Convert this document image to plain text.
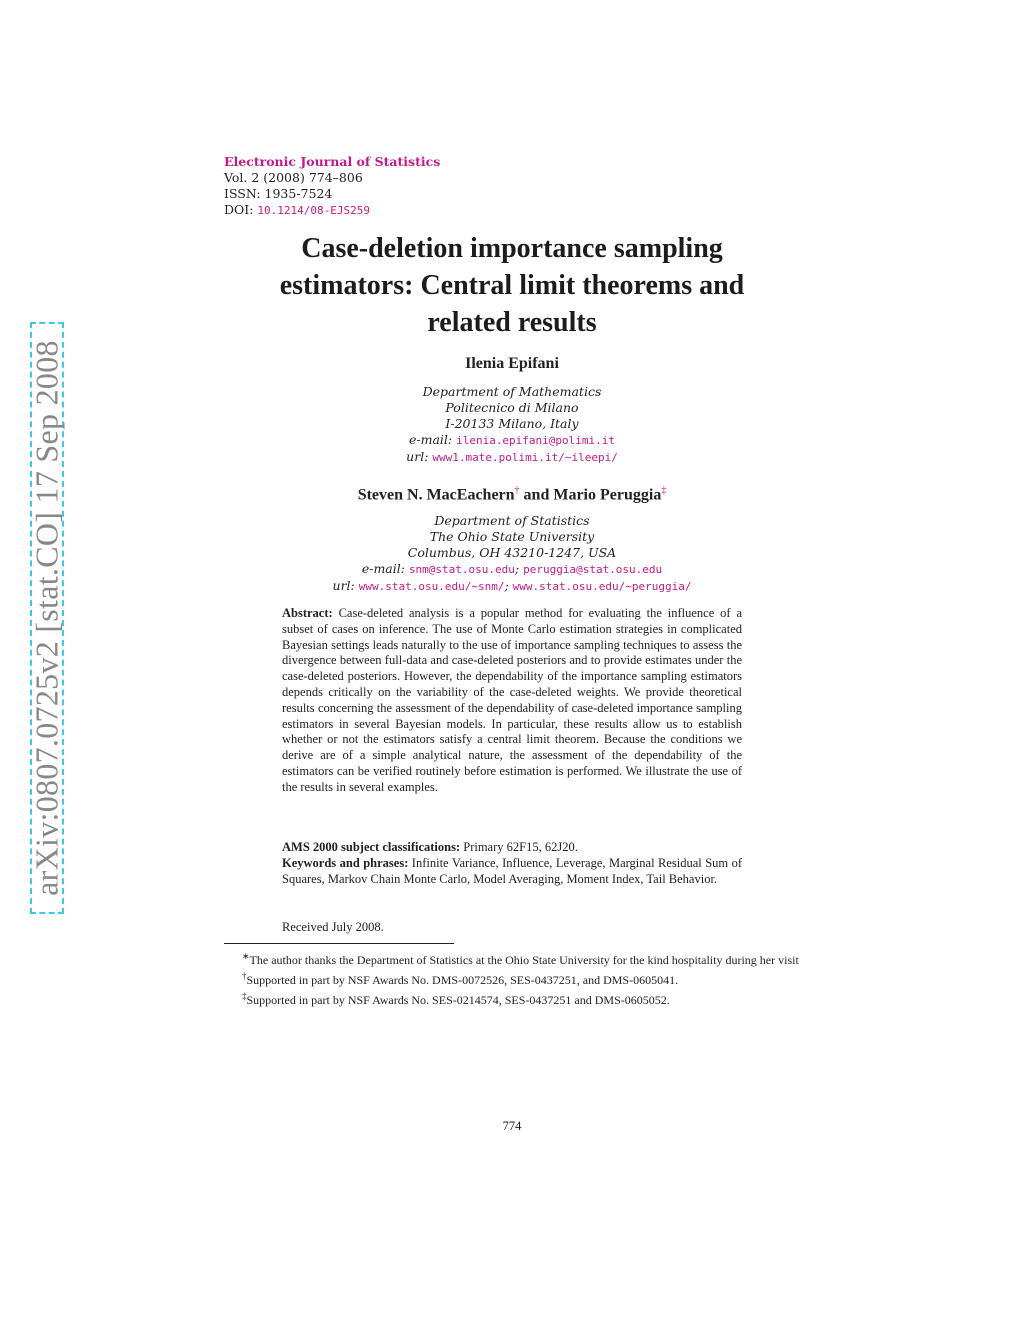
arXiv:0807.0725v2 [stat.CO] 17 Sep 2008
Electronic Journal of Statistics
Vol. 2 (2008) 774–806
ISSN: 1935-7524
DOI: 10.1214/08-EJS259
Case-deletion importance sampling
estimators: Central limit theorems and
related results
Ilenia Epifani
Department of Mathematics
Politecnico di Milano
I-20133 Milano, Italy
e-mail: ilenia.epifani@polimi.it
url: www1.mate.polimi.it/∼ileepi/
Steven N. MacEachern† and Mario Peruggia‡
Department of Statistics
The Ohio State University
Columbus, OH 43210-1247, USA
e-mail: snm@stat.osu.edu; peruggia@stat.osu.edu
url: www.stat.osu.edu/∼snm/; www.stat.osu.edu/∼peruggia/
Abstract: Case-deleted analysis is a popular method for evaluating the influence of a subset of cases on inference. The use of Monte Carlo estimation strategies in complicated Bayesian settings leads naturally to the use of importance sampling techniques to assess the divergence between full-data and case-deleted posteriors and to provide estimates under the case-deleted posteriors. However, the dependability of the importance sampling estimators depends critically on the variability of the case-deleted weights. We provide theoretical results concerning the assessment of the dependability of case-deleted importance sampling estimators in several Bayesian models. In particular, these results allow us to establish whether or not the estimators satisfy a central limit theorem. Because the conditions we derive are of a simple analytical nature, the assessment of the dependability of the estimators can be verified routinely before estimation is performed. We illustrate the use of the results in several examples.
AMS 2000 subject classifications: Primary 62F15, 62J20.
Keywords and phrases: Infinite Variance, Influence, Leverage, Marginal Residual Sum of Squares, Markov Chain Monte Carlo, Model Averaging, Moment Index, Tail Behavior.
Received July 2008.

∗The author thanks the Department of Statistics at the Ohio State University for the kind hospitality during her visit

†Supported in part by NSF Awards No. DMS-0072526, SES-0437251, and DMS-0605041.

‡Supported in part by NSF Awards No. SES-0214574, SES-0437251 and DMS-0605052.

774
